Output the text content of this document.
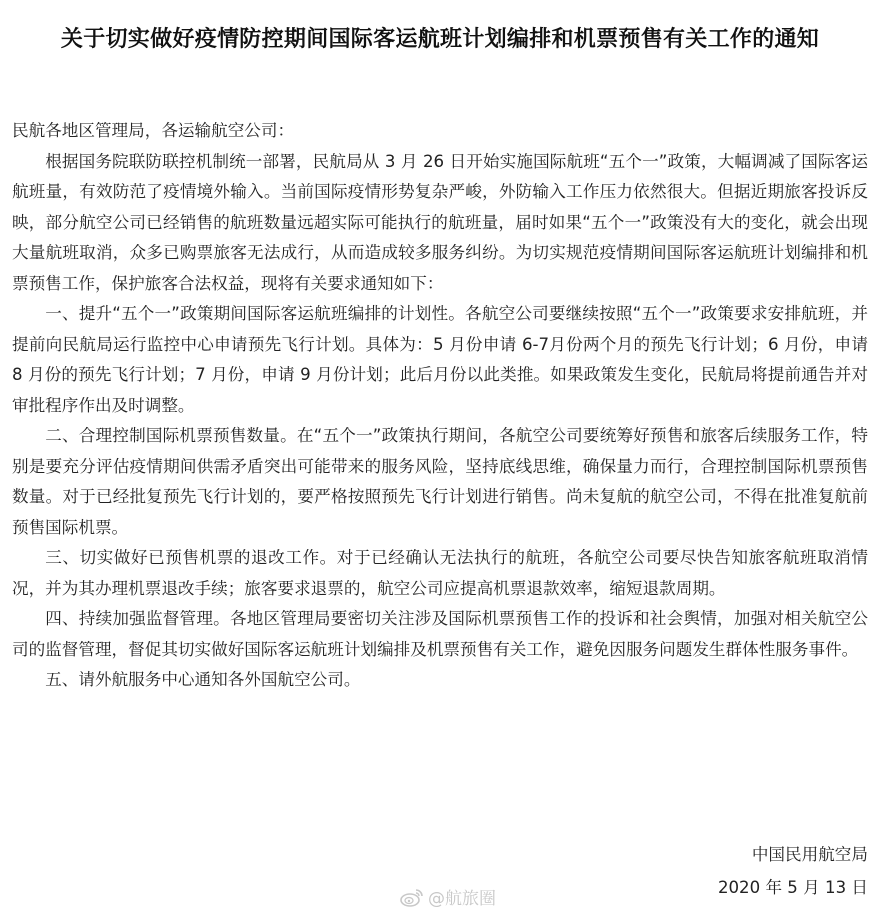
关于切实做好疫情防控期间国际客运航班计划编排和机票预售有关工作的通知

民航各地区管理局，各运输航空公司：

根据国务院联防联控机制统一部署，民航局从 3 月 26 日开始实施国际航班“五个一”政策，大幅调减了国际客运航班量，有效防范了疫情境外输入。当前国际疫情形势复杂严峻，外防输入工作压力依然很大。但据近期旅客投诉反映，部分航空公司已经销售的航班数量远超实际可能执行的航班量，届时如果“五个一”政策没有大的变化，就会出现大量航班取消，众多已购票旅客无法成行，从而造成较多服务纠纷。为切实规范疫情期间国际客运航班计划编排和机票预售工作，保护旅客合法权益，现将有关要求通知如下：

一、提升“五个一”政策期间国际客运航班编排的计划性。各航空公司要继续按照“五个一”政策要求安排航班，并提前向民航局运行监控中心申请预先飞行计划。具体为：5 月份申请 6-7月份两个月的预先飞行计划；6 月份，申请 8 月份的预先飞行计划；7 月份，申请 9 月份计划；此后月份以此类推。如果政策发生变化，民航局将提前通告并对审批程序作出及时调整。

二、合理控制国际机票预售数量。在“五个一”政策执行期间，各航空公司要统筹好预售和旅客后续服务工作，特别是要充分评估疫情期间供需矛盾突出可能带来的服务风险，坚持底线思维，确保量力而行，合理控制国际机票预售数量。对于已经批复预先飞行计划的，要严格按照预先飞行计划进行销售。尚未复航的航空公司，不得在批准复航前预售国际机票。

三、切实做好已预售机票的退改工作。对于已经确认无法执行的航班，各航空公司要尽快告知旅客航班取消情况，并为其办理机票退改手续；旅客要求退票的，航空公司应提高机票退款效率，缩短退款周期。

四、持续加强监督管理。各地区管理局要密切关注涉及国际机票预售工作的投诉和社会舆情，加强对相关航空公司的监督管理，督促其切实做好国际客运航班计划编排及机票预售有关工作，避免因服务问题发生群体性服务事件。

五、请外航服务中心通知各外国航空公司。

中国民用航空局
2020 年 5 月 13 日
@航旅圈
